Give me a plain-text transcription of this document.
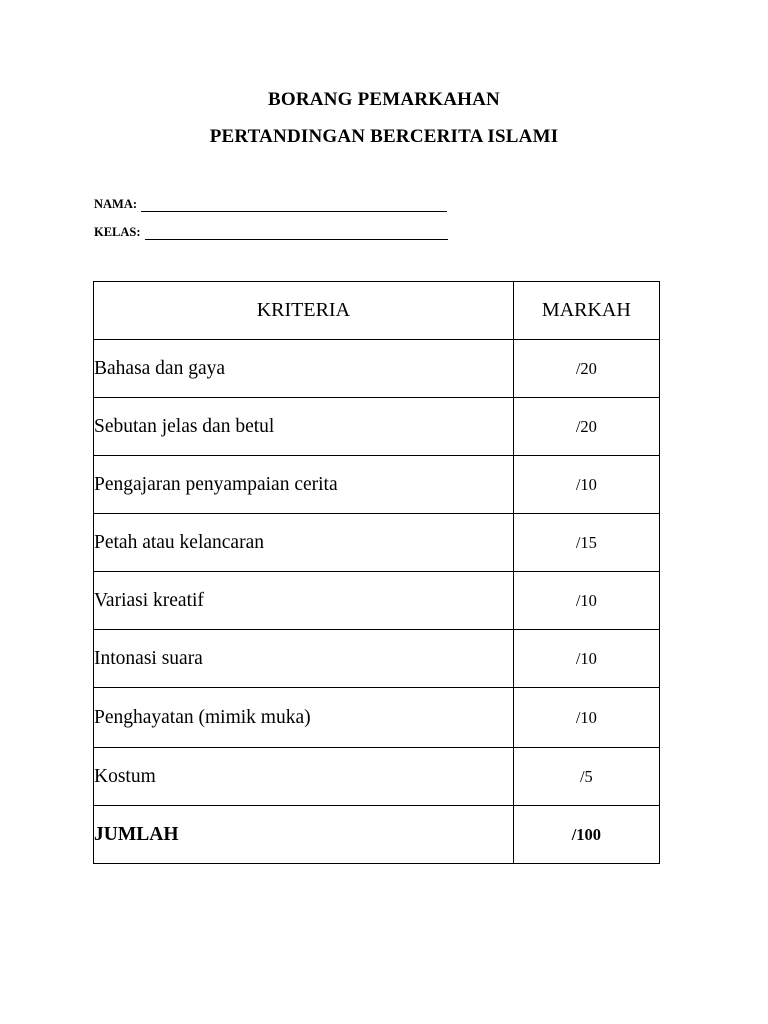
BORANG PEMARKAHAN
PERTANDINGAN BERCERITA ISLAMI
NAMA:
KELAS:
KRITERIA	MARKAH
Bahasa dan gaya	/20
Sebutan jelas dan betul	/20
Pengajaran penyampaian cerita	/10
Petah atau kelancaran	/15
Variasi kreatif	/10
Intonasi suara	/10
Penghayatan (mimik muka)	/10
Kostum	/5
JUMLAH	/100
